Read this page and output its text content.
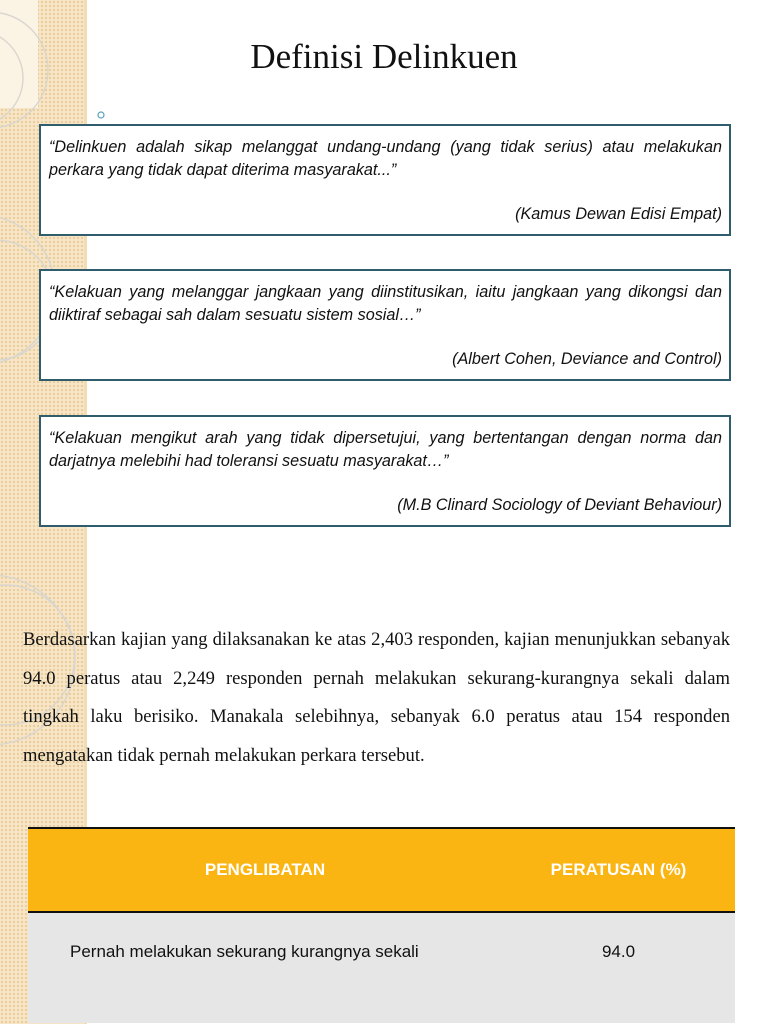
Definisi Delinkuen

“Delinkuen adalah sikap melanggat undang-undang (yang tidak serius) atau melakukan perkara yang tidak dapat diterima masyarakat...”

(Kamus Dewan Edisi Empat)

“Kelakuan yang melanggar jangkaan yang diinstitusikan, iaitu jangkaan yang dikongsi dan diiktiraf sebagai sah dalam sesuatu sistem sosial…”

(Albert Cohen, Deviance and Control)

“Kelakuan mengikut arah yang tidak dipersetujui, yang bertentangan dengan norma dan darjatnya melebihi had toleransi sesuatu masyarakat…”

(M.B Clinard Sociology of Deviant Behaviour)
Berdasarkan kajian yang dilaksanakan ke atas 2,403 responden, kajian menunjukkan sebanyak 94.0 peratus atau 2,249 responden pernah melakukan sekurang-kurangnya sekali dalam tingkah laku berisiko. Manakala selebihnya, sebanyak 6.0 peratus atau 154 responden mengatakan tidak pernah melakukan perkara tersebut.
PENGLIBATAN	PERATUSAN (%)
Pernah melakukan sekurang kurangnya sekali	94.0
